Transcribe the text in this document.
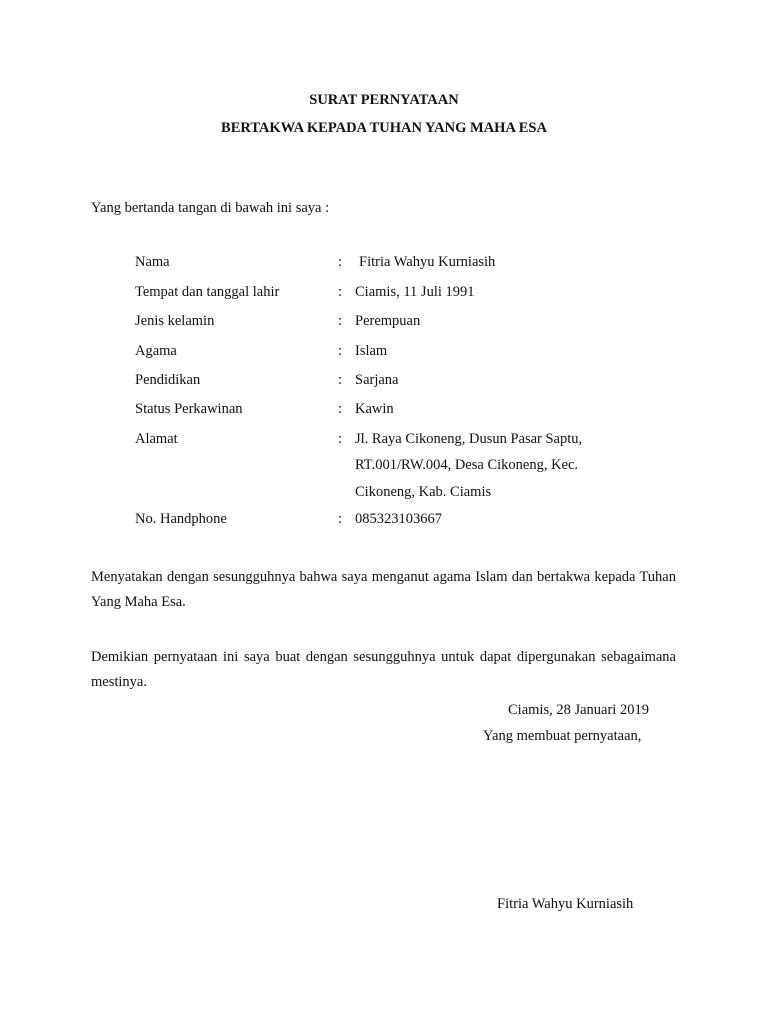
SURAT PERNYATAAN
BERTAKWA KEPADA TUHAN YANG MAHA ESA
Yang bertanda tangan di bawah ini saya :
Nama	: Fitria Wahyu Kurniasih
Tempat dan tanggal lahir	: Ciamis, 11 Juli 1991
Jenis kelamin	: Perempuan
Agama	: Islam
Pendidikan	: Sarjana
Status Perkawinan	: Kawin
Alamat	: Jl. Raya Cikoneng, Dusun Pasar Saptu,
RT.001/RW.004, Desa Cikoneng, Kec.
Cikoneng, Kab. Ciamis
No. Handphone	: 085323103667
Menyatakan dengan sesungguhnya bahwa saya menganut agama Islam dan bertakwa kepada Tuhan Yang Maha Esa.
Demikian pernyataan ini saya buat dengan sesungguhnya untuk dapat dipergunakan sebagaimana mestinya.
Ciamis, 28 Januari 2019
Yang membuat pernyataan,
Fitria Wahyu Kurniasih
